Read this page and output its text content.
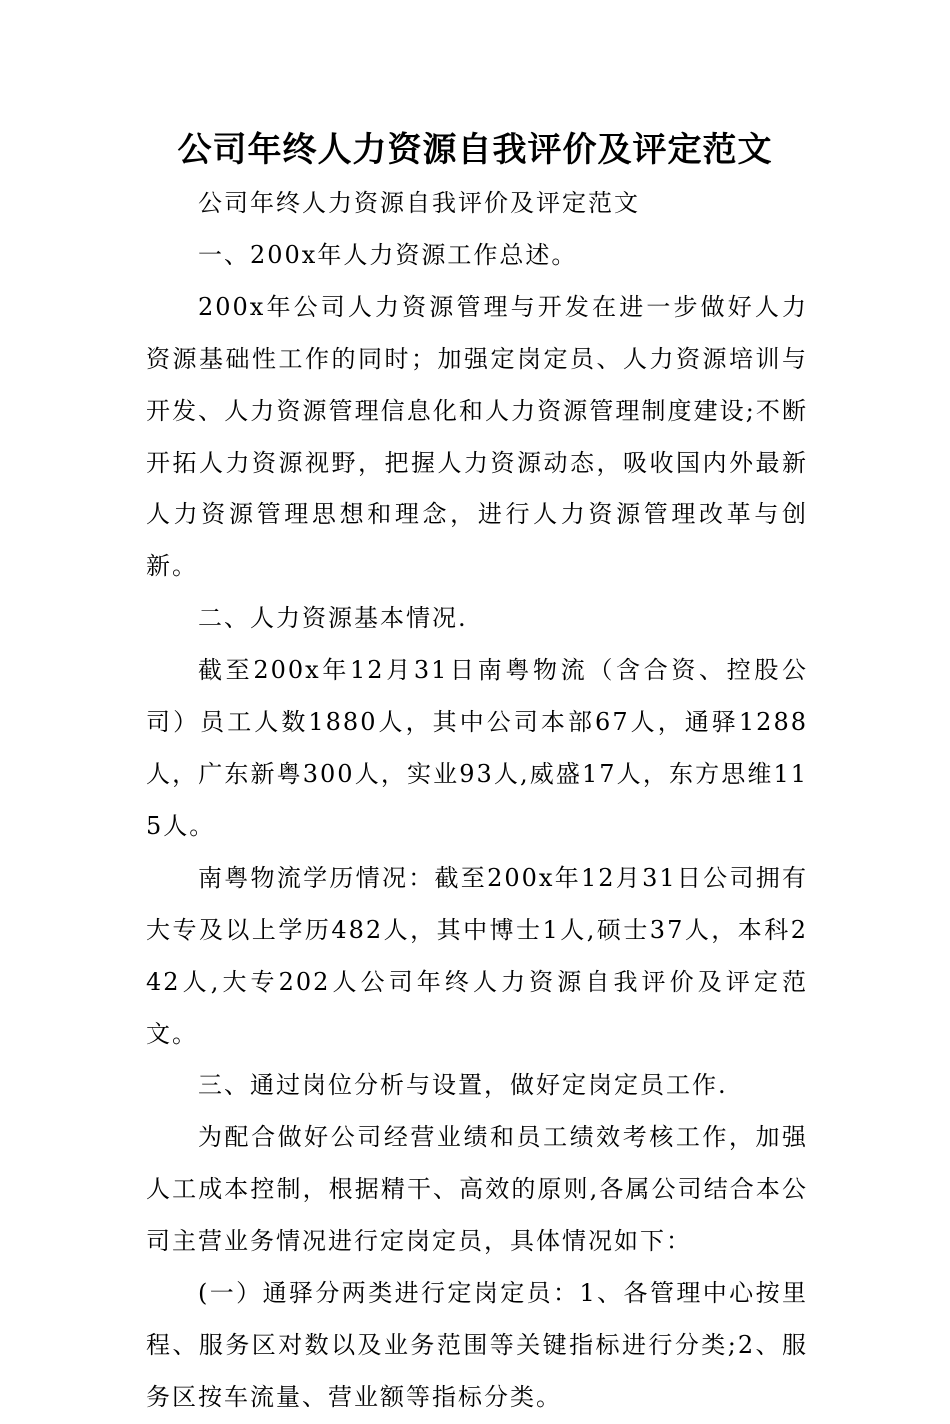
公司年终人力资源自我评价及评定范文

公司年终人力资源自我评价及评定范文

一、200x年人力资源工作总述。

200x年公司人力资源管理与开发在进一步做好人力资源基础性工作的同时；加强定岗定员、人力资源培训与开发、人力资源管理信息化和人力资源管理制度建设;不断开拓人力资源视野，把握人力资源动态，吸收国内外最新人力资源管理思想和理念，进行人力资源管理改革与创新。

二、人力资源基本情况.

截至200x年12月31日南粤物流（含合资、控股公司）员工人数1880人，其中公司本部67人，通驿1288人，广东新粤300人，实业93人,威盛17人，东方思维115人。

南粤物流学历情况：截至200x年12月31日公司拥有大专及以上学历482人，其中博士1人,硕士37人，本科242人,大专202人公司年终人力资源自我评价及评定范文。

三、通过岗位分析与设置，做好定岗定员工作.

为配合做好公司经营业绩和员工绩效考核工作，加强人工成本控制，根据精干、高效的原则,各属公司结合本公司主营业务情况进行定岗定员，具体情况如下：

(一）通驿分两类进行定岗定员：1、各管理中心按里程、服务区对数以及业务范围等关键指标进行分类;2、服务区按车流量、营业额等指标分类。
